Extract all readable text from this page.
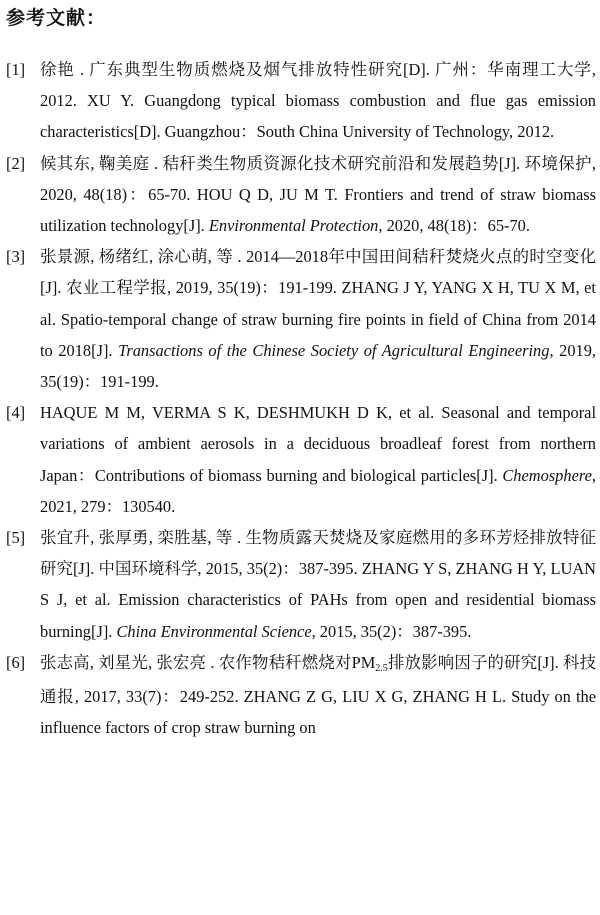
参考文献：
[1] 徐艳 . 广东典型生物质燃烧及烟气排放特性研究[D]. 广州：华南理工大学, 2012. XU Y. Guangdong typical biomass combustion and flue gas emission characteristics[D]. Guangzhou：South China University of Technology, 2012.
[2] 候其东, 鞠美庭 . 秸秆类生物质资源化技术研究前沿和发展趋势[J]. 环境保护, 2020, 48(18)：65-70. HOU Q D, JU M T. Frontiers and trend of straw biomass utilization technology[J]. Environmental Protection, 2020, 48(18)：65-70.
[3] 张景源, 杨绪红, 涂心萌, 等 . 2014—2018年中国田间秸秆焚烧火点的时空变化[J]. 农业工程学报, 2019, 35(19)：191-199. ZHANG J Y, YANG X H, TU X M, et al. Spatio-temporal change of straw burning fire points in field of China from 2014 to 2018[J]. Transactions of the Chinese Society of Agricultural Engineering, 2019, 35(19)：191-199.
[4] HAQUE M M, VERMA S K, DESHMUKH D K, et al. Seasonal and temporal variations of ambient aerosols in a deciduous broadleaf forest from northern Japan：Contributions of biomass burning and biological particles[J]. Chemosphere, 2021, 279：130540.
[5] 张宜升, 张厚勇, 栾胜基, 等 . 生物质露天焚烧及家庭燃用的多环芳烃排放特征研究[J]. 中国环境科学, 2015, 35(2)：387-395. ZHANG Y S, ZHANG H Y, LUAN S J, et al. Emission characteristics of PAHs from open and residential biomass burning[J]. China Environmental Science, 2015, 35(2)：387-395.
[6] 张志高, 刘星光, 张宏亮 . 农作物秸秆燃烧对PM2.5排放影响因子的研究[J]. 科技通报, 2017, 33(7)：249-252. ZHANG Z G, LIU X G, ZHANG H L. Study on the influence factors of crop straw burning on
